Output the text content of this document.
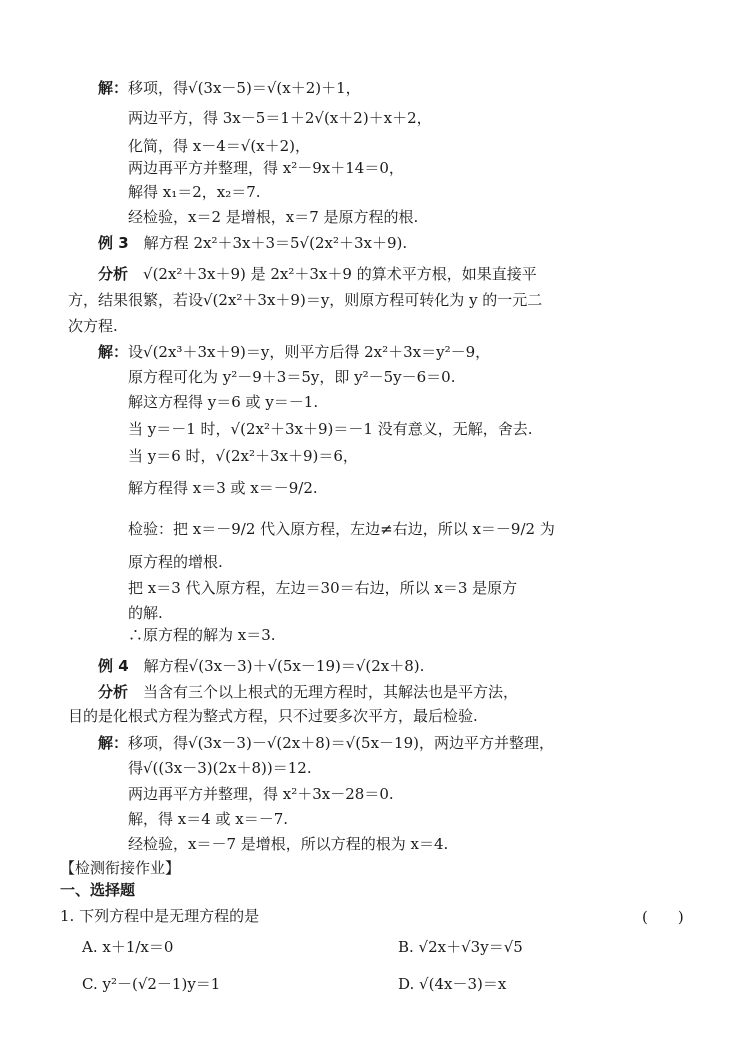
解：移项，得√(3x－5)＝√(x＋2)＋1，
两边平方，得 3x－5＝1＋2√(x＋2)＋x＋2，
化简，得 x－4＝√(x＋2)，
两边再平方并整理，得 x²－9x＋14＝0，
解得 x₁＝2，x₂＝7.
经检验，x＝2 是增根，x＝7 是原方程的根.
例 3　解方程 2x²＋3x＋3＝5√(2x²＋3x＋9).
分析　√(2x²＋3x＋9) 是 2x²＋3x＋9 的算术平方根，如果直接平
方，结果很繁，若设√(2x²＋3x＋9)＝y，则原方程可转化为 y 的一元二
次方程.
解：设√(2x³＋3x＋9)＝y，则平方后得 2x²＋3x＝y²－9，
原方程可化为 y²－9＋3＝5y，即 y²－5y－6＝0.
解这方程得 y＝6 或 y＝－1.
当 y＝－1 时，√(2x²＋3x＋9)＝－1 没有意义，无解，舍去.
当 y＝6 时，√(2x²＋3x＋9)＝6，
解方程得 x＝3 或 x＝－9/2.
检验：把 x＝－9/2 代入原方程，左边≠右边，所以 x＝－9/2 为
原方程的增根.
把 x＝3 代入原方程，左边＝30＝右边，所以 x＝3 是原方
的解.
∴原方程的解为 x＝3.
例 4　解方程√(3x－3)＋√(5x－19)＝√(2x＋8).
分析　当含有三个以上根式的无理方程时，其解法也是平方法，
目的是化根式方程为整式方程，只不过要多次平方，最后检验.
解：移项，得√(3x－3)－√(2x＋8)＝√(5x－19)，两边平方并整理，
得√((3x－3)(2x＋8))＝12.
两边再平方并整理，得 x²＋3x－28＝0.
解，得 x＝4 或 x＝－7.
经检验，x＝－7 是增根，所以方程的根为 x＝4.
【检测衔接作业】
一、选择题
1. 下列方程中是无理方程的是	(　　)
A. x＋1/x＝0	B. √2x＋√3y＝√5
C. y²－(√2－1)y＝1	D. √(4x－3)＝x
